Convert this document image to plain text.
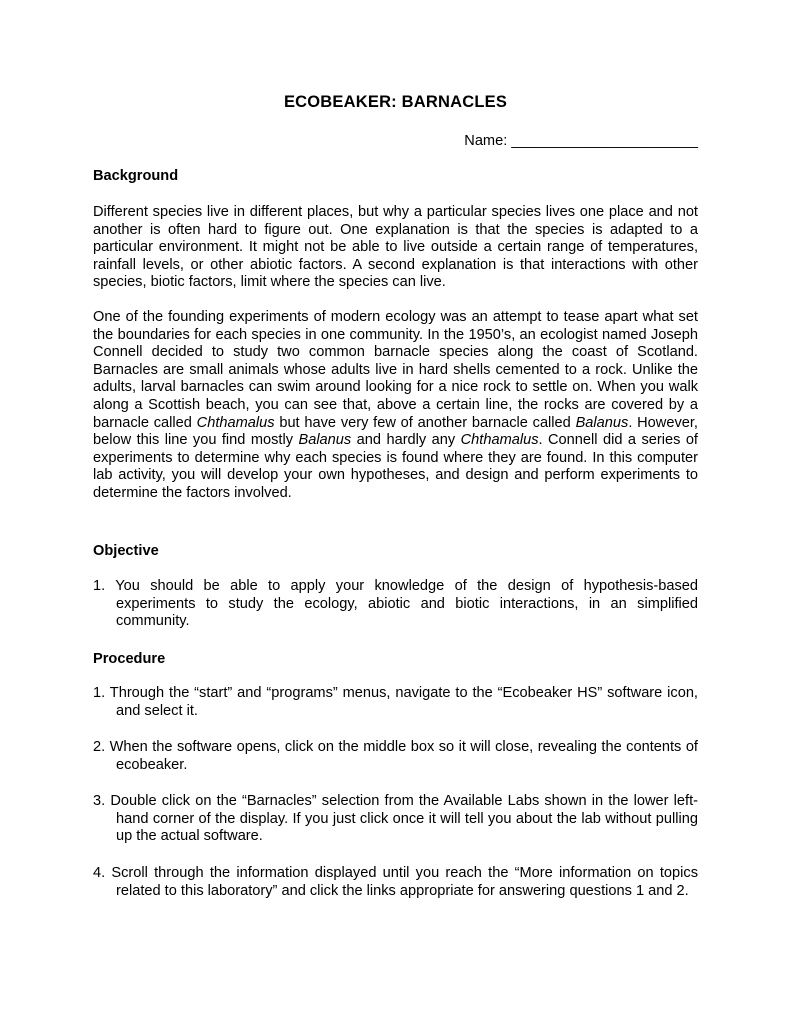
ECOBEAKER: BARNACLES
Name: _______________________
Background
Different species live in different places, but why a particular species lives one place and not another is often hard to figure out. One explanation is that the species is adapted to a particular environment. It might not be able to live outside a certain range of temperatures, rainfall levels, or other abiotic factors. A second explanation is that interactions with other species, biotic factors, limit where the species can live.
One of the founding experiments of modern ecology was an attempt to tease apart what set the boundaries for each species in one community. In the 1950’s, an ecologist named Joseph Connell decided to study two common barnacle species along the coast of Scotland. Barnacles are small animals whose adults live in hard shells cemented to a rock. Unlike the adults, larval barnacles can swim around looking for a nice rock to settle on. When you walk along a Scottish beach, you can see that, above a certain line, the rocks are covered by a barnacle called Chthamalus but have very few of another barnacle called Balanus. However, below this line you find mostly Balanus and hardly any Chthamalus. Connell did a series of experiments to determine why each species is found where they are found. In this computer lab activity, you will develop your own hypotheses, and design and perform experiments to determine the factors involved.
Objective
1. You should be able to apply your knowledge of the design of hypothesis-based experiments to study the ecology, abiotic and biotic interactions, in an simplified community.
Procedure
1. Through the “start” and “programs” menus, navigate to the “Ecobeaker HS” software icon, and select it.
2. When the software opens, click on the middle box so it will close, revealing the contents of ecobeaker.
3. Double click on the “Barnacles” selection from the Available Labs shown in the lower left-hand corner of the display. If you just click once it will tell you about the lab without pulling up the actual software.
4. Scroll through the information displayed until you reach the “More information on topics related to this laboratory” and click the links appropriate for answering questions 1 and 2.
